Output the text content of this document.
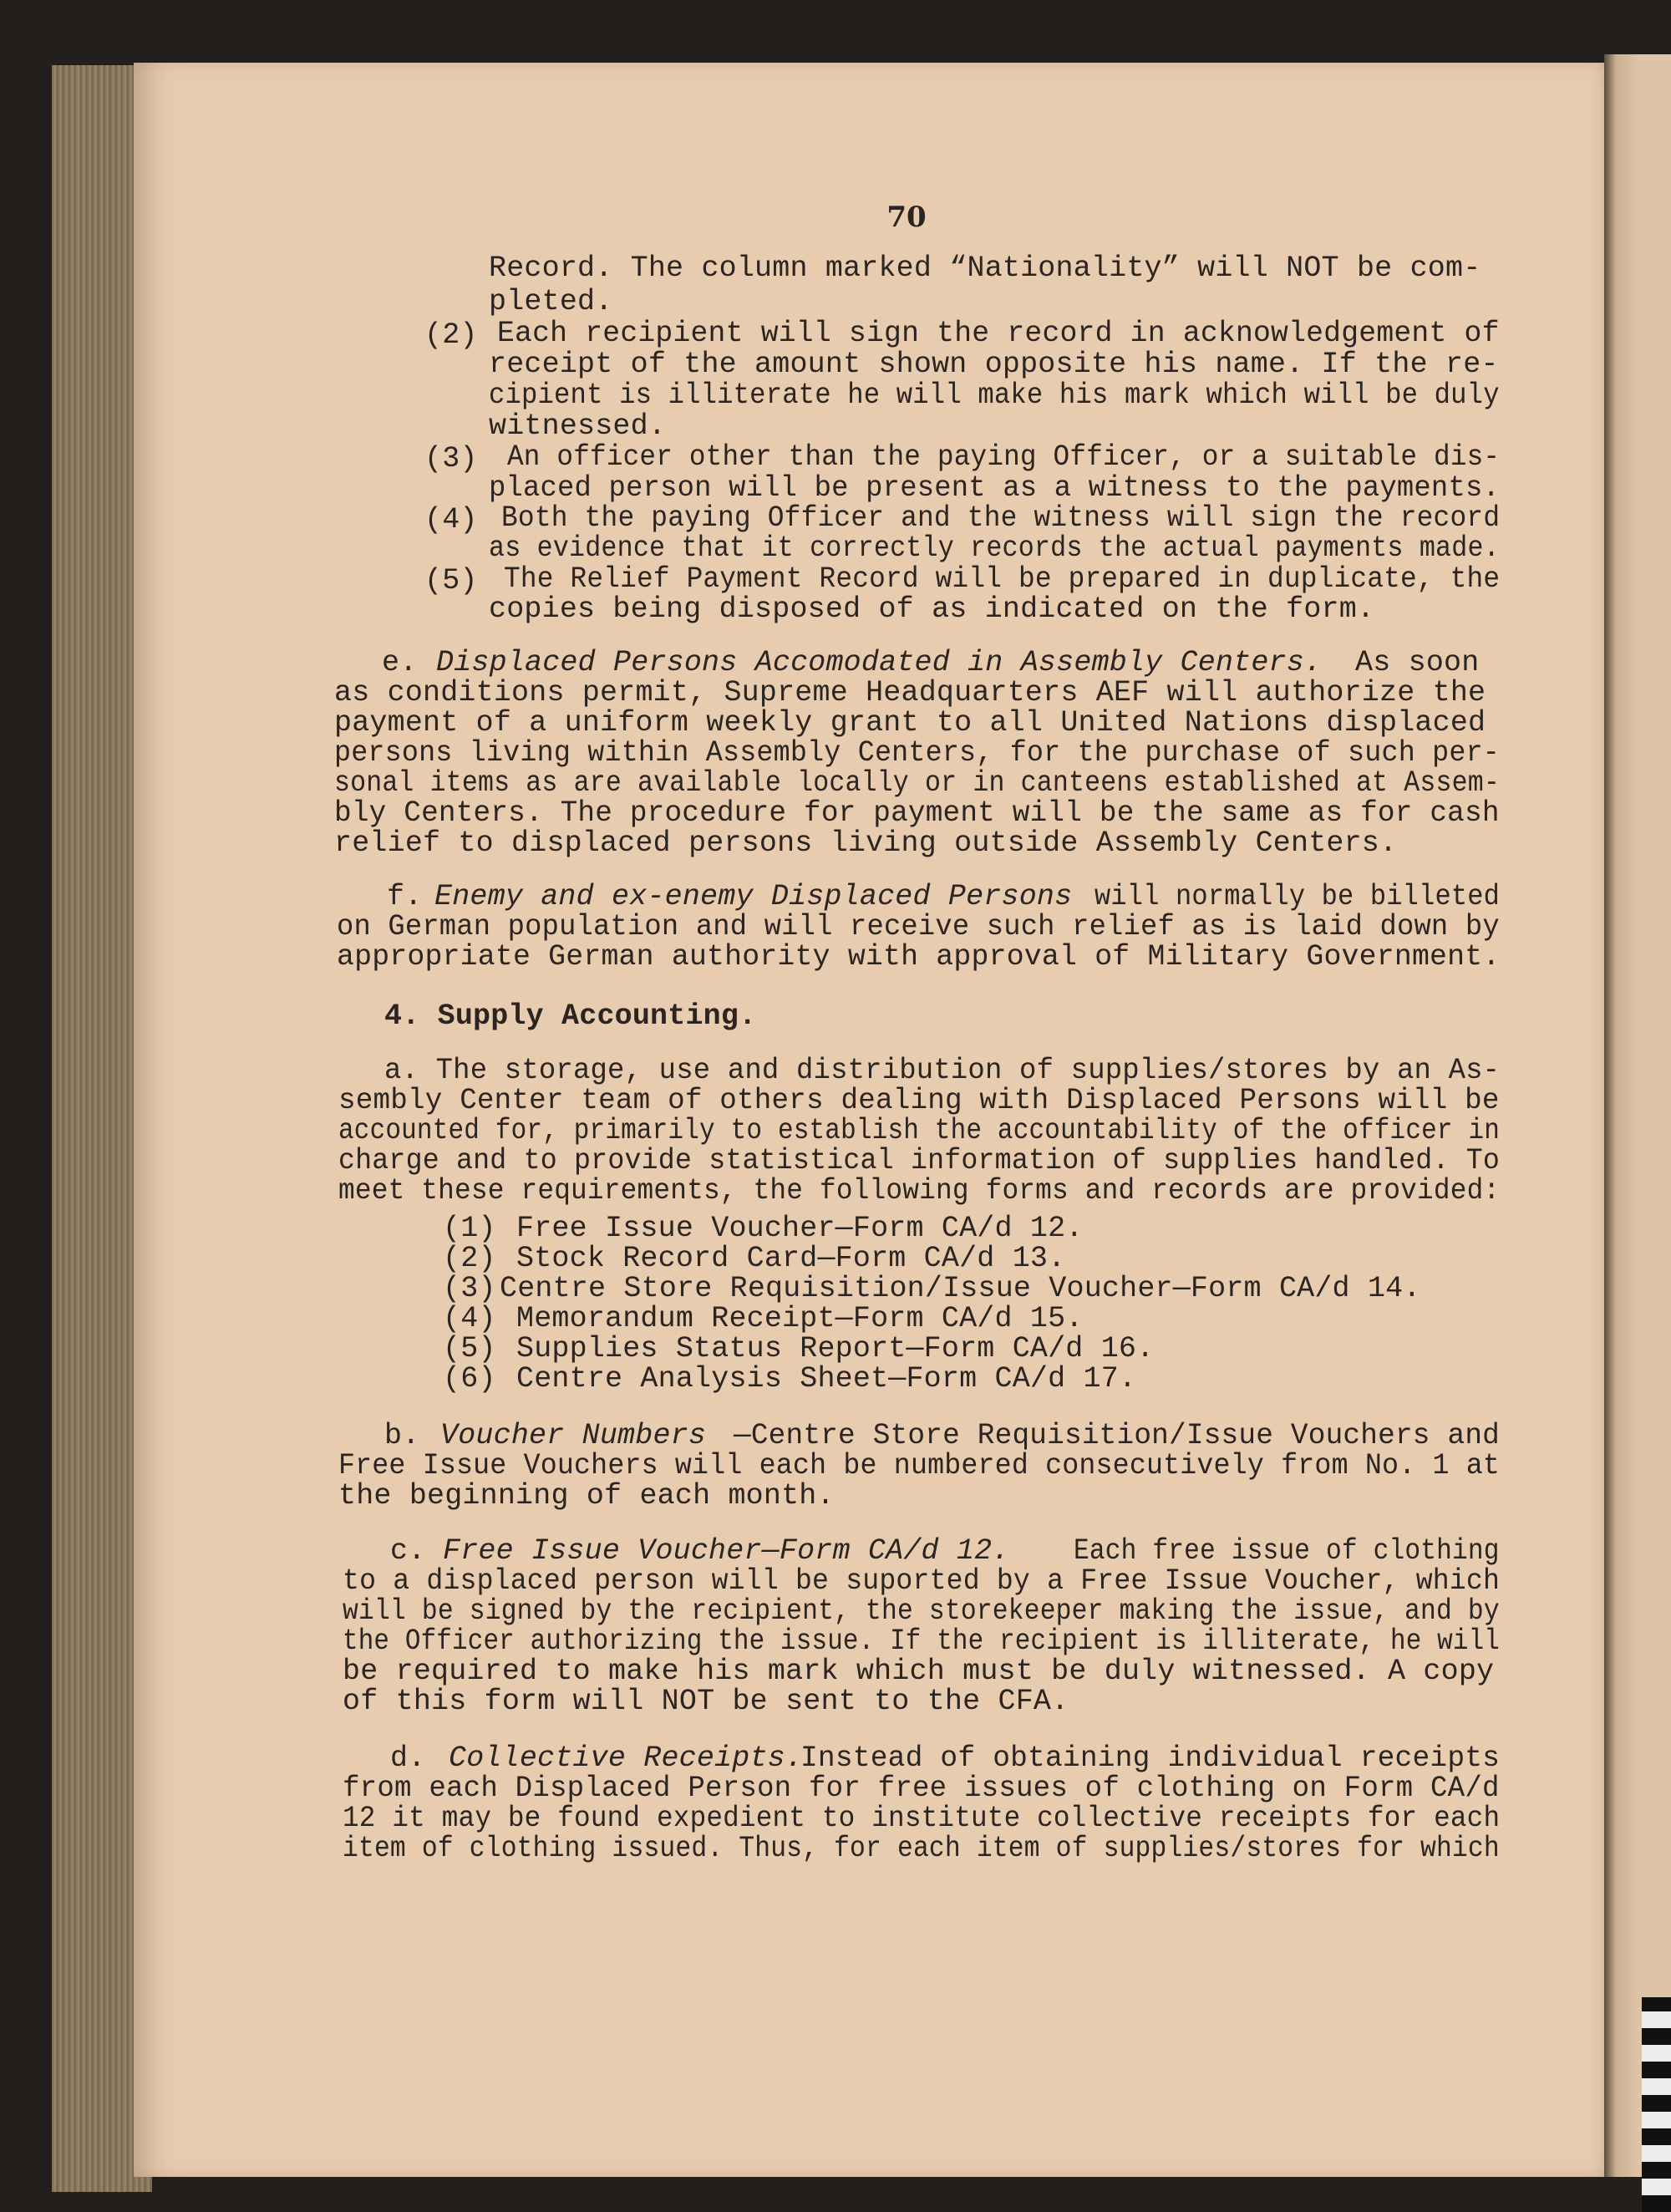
70
Record. The column marked “Nationality” will NOT be com-
pleted.
(2) Each recipient will sign the record in acknowledgement of
receipt of the amount shown opposite his name. If the re-
cipient is illiterate he will make his mark which will be duly
witnessed.
(3) An officer other than the paying Officer, or a suitable dis-
placed person will be present as a witness to the payments.
(4) Both the paying Officer and the witness will sign the record
as evidence that it correctly records the actual payments made.
(5) The Relief Payment Record will be prepared in duplicate, the
copies being disposed of as indicated on the form.
e. Displaced Persons Accomodated in Assembly Centers. As soon
as conditions permit, Supreme Headquarters AEF will authorize the
payment of a uniform weekly grant to all United Nations displaced
persons living within Assembly Centers, for the purchase of such per-
sonal items as are available locally or in canteens established at Assem-
bly Centers. The procedure for payment will be the same as for cash
relief to displaced persons living outside Assembly Centers.
f. Enemy and ex-enemy Displaced Persons will normally be billeted
on German population and will receive such relief as is laid down by
appropriate German authority with approval of Military Government.
4. Supply Accounting.
a. The storage, use and distribution of supplies/stores by an As-
sembly Center team of others dealing with Displaced Persons will be
accounted for, primarily to establish the accountability of the officer in
charge and to provide statistical information of supplies handled. To
meet these requirements, the following forms and records are provided:
(1) Free Issue Voucher—Form CA/d 12.
(2) Stock Record Card—Form CA/d 13.
(3) Centre Store Requisition/Issue Voucher—Form CA/d 14.
(4) Memorandum Receipt—Form CA/d 15.
(5) Supplies Status Report—Form CA/d 16.
(6) Centre Analysis Sheet—Form CA/d 17.
b. Voucher Numbers —Centre Store Requisition/Issue Vouchers and
Free Issue Vouchers will each be numbered consecutively from No. 1 at
the beginning of each month.
c. Free Issue Voucher—Form CA/d 12. Each free issue of clothing
to a displaced person will be suported by a Free Issue Voucher, which
will be signed by the recipient, the storekeeper making the issue, and by
the Officer authorizing the issue. If the recipient is illiterate, he will
be required to make his mark which must be duly witnessed. A copy
of this form will NOT be sent to the CFA.
d. Collective Receipts.
Instead of obtaining individual receipts
from each Displaced Person for free issues of clothing on Form CA/d
12 it may be found expedient to institute collective receipts for each
item of clothing issued. Thus, for each item of supplies/stores for which
